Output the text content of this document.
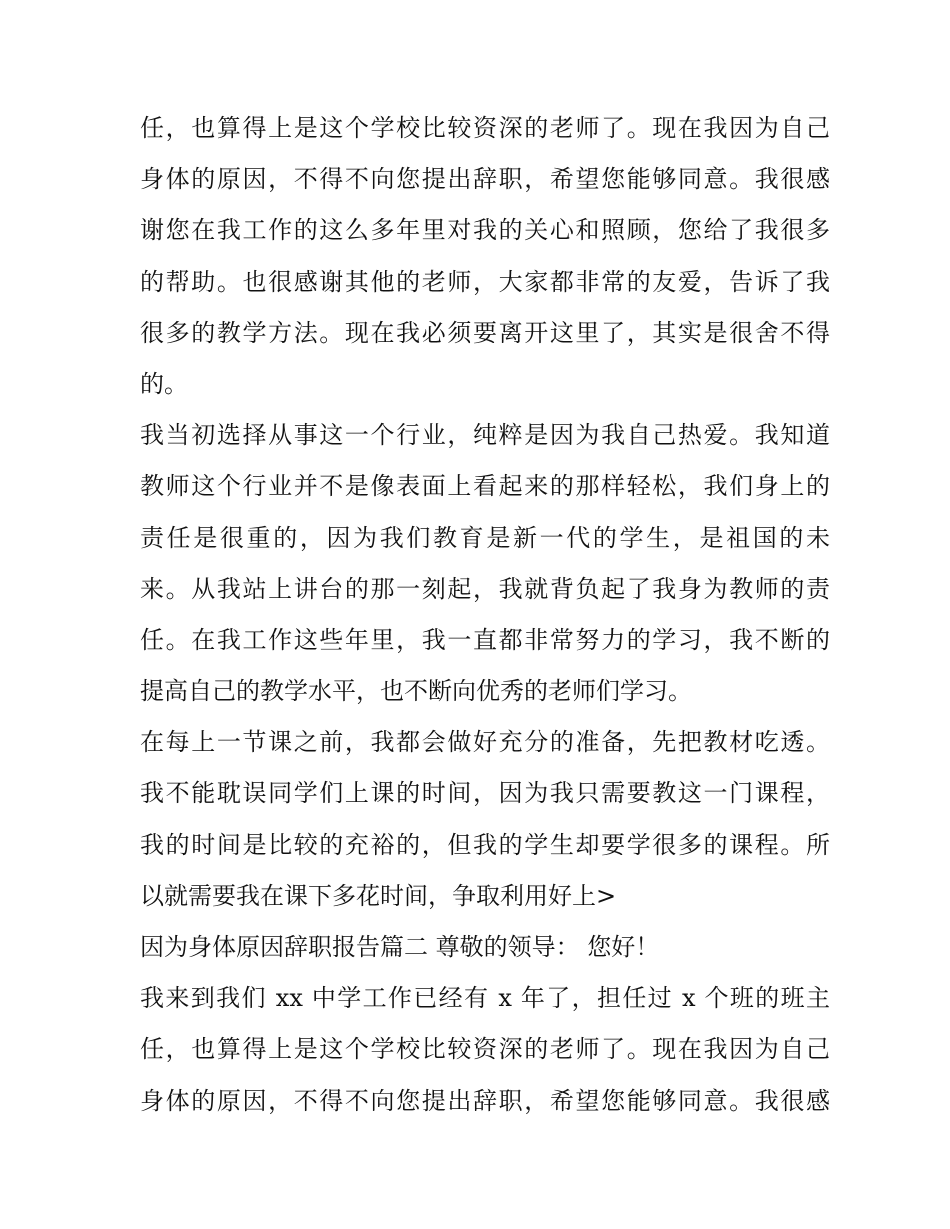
任，也算得上是这个学校比较资深的老师了。现在我因为自己
身体的原因，不得不向您提出辞职，希望您能够同意。我很感
谢您在我工作的这么多年里对我的关心和照顾，您给了我很多
的帮助。也很感谢其他的老师，大家都非常的友爱，告诉了我
很多的教学方法。现在我必须要离开这里了，其实是很舍不得
的。
我当初选择从事这一个行业，纯粹是因为我自己热爱。我知道
教师这个行业并不是像表面上看起来的那样轻松，我们身上的
责任是很重的，因为我们教育是新一代的学生，是祖国的未
来。从我站上讲台的那一刻起，我就背负起了我身为教师的责
任。在我工作这些年里，我一直都非常努力的学习，我不断的
提高自己的教学水平，也不断向优秀的老师们学习。
在每上一节课之前，我都会做好充分的准备，先把教材吃透。
我不能耽误同学们上课的时间，因为我只需要教这一门课程，
我的时间是比较的充裕的，但我的学生却要学很多的课程。所
以就需要我在课下多花时间，争取利用好上>
因为身体原因辞职报告篇二 尊敬的领导： 您好！
我来到我们 xx 中学工作已经有 x 年了，担任过 x 个班的班主
任，也算得上是这个学校比较资深的老师了。现在我因为自己
身体的原因，不得不向您提出辞职，希望您能够同意。我很感
